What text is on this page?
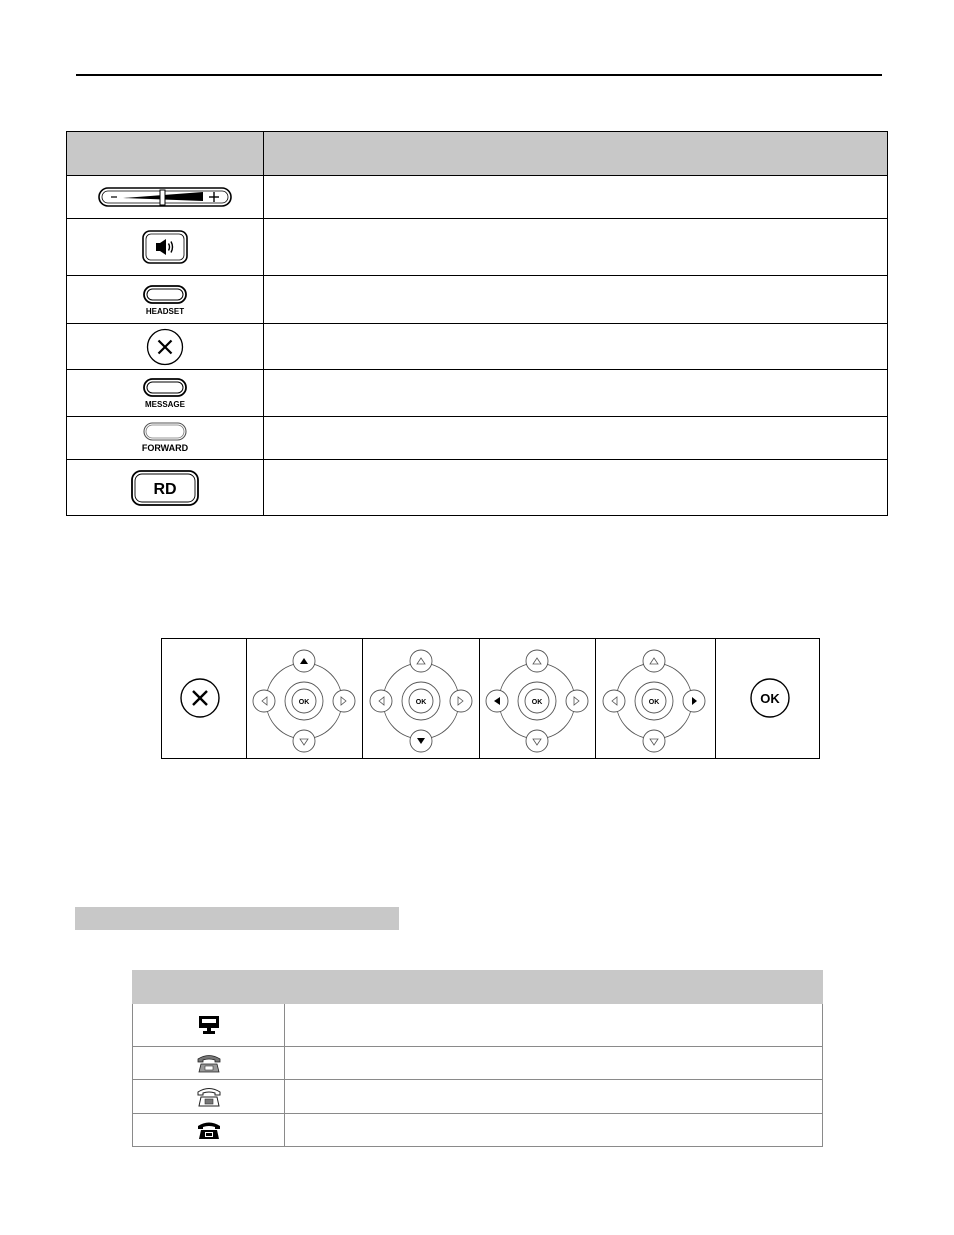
HEADSET	

MESSAGE	

FORWARD	

RD	

OK	OK	OK	OK	OK
